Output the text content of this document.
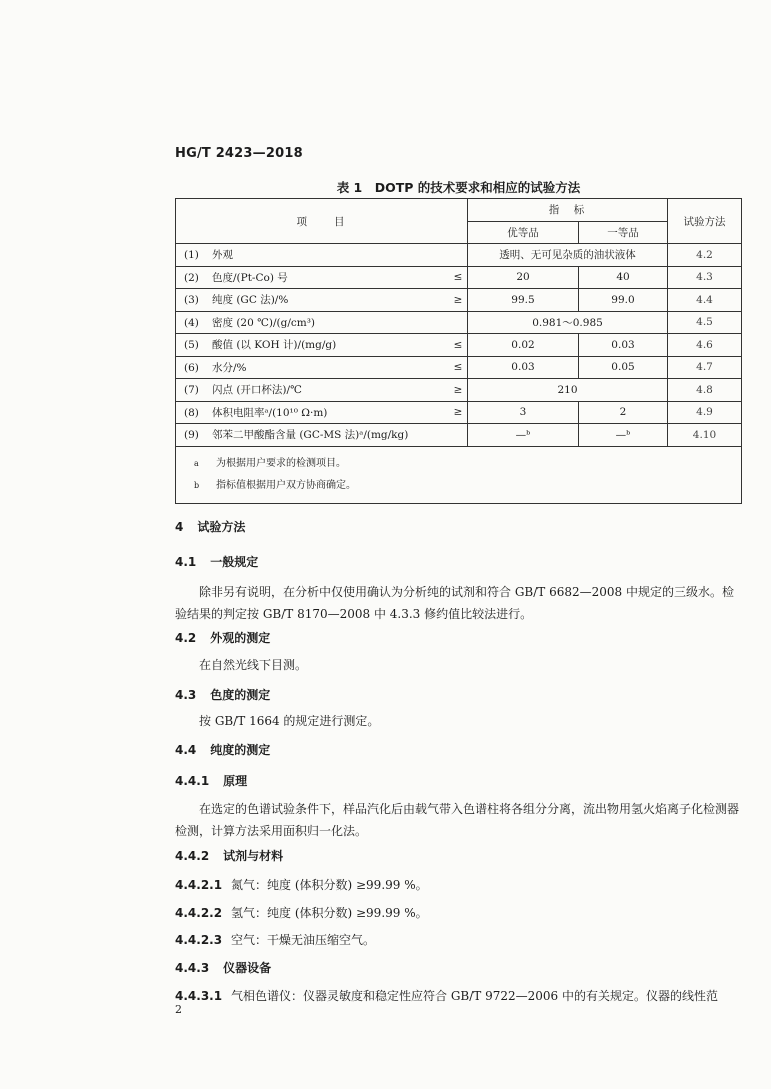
HG/T 2423—2018
表 1　DOTP 的技术要求和相应的试验方法
项　　目		指　标		试验方法
		优等品	一等品	
(1) 外观		透明、无可见杂质的油状液体		4.2
(2) 色度/(Pt-Co) 号	≤	20	40	4.3
(3) 纯度 (GC 法)/%	≥	99.5	99.0	4.4
(4) 密度 (20 ℃)/(g/cm³)		0.981～0.985		4.5
(5) 酸值 (以 KOH 计)/(mg/g)	≤	0.02	0.03	4.6
(6) 水分/%	≤	0.03	0.05	4.7
(7) 闪点 (开口杯法)/℃	≥	210		4.8
(8) 体积电阻率ᵃ/(10¹⁰ Ω·m)	≥	3	2	4.9
(9) 邻苯二甲酸酯含量 (GC-MS 法)ᵃ/(mg/kg)		—ᵇ	—ᵇ	4.10

a 为根据用户要求的检测项目。
b 指标值根据用户双方协商确定。				
4 试验方法
4.1 一般规定
除非另有说明，在分析中仅使用确认为分析纯的试剂和符合 GB/T 6682—2008 中规定的三级水。检验结果的判定按 GB/T 8170—2008 中 4.3.3 修约值比较法进行。
4.2 外观的测定
在自然光线下目测。
4.3 色度的测定
按 GB/T 1664 的规定进行测定。
4.4 纯度的测定
4.4.1 原理
在选定的色谱试验条件下，样品汽化后由载气带入色谱柱将各组分分离，流出物用氢火焰离子化检测器检测，计算方法采用面积归一化法。
4.4.2 试剂与材料
4.4.2.1 氮气：纯度 (体积分数) ≥99.99 %。
4.4.2.2 氢气：纯度 (体积分数) ≥99.99 %。
4.4.2.3 空气：干燥无油压缩空气。
4.4.3 仪器设备
4.4.3.1 气相色谱仪：仪器灵敏度和稳定性应符合 GB/T 9722—2006 中的有关规定。仪器的线性范
2
